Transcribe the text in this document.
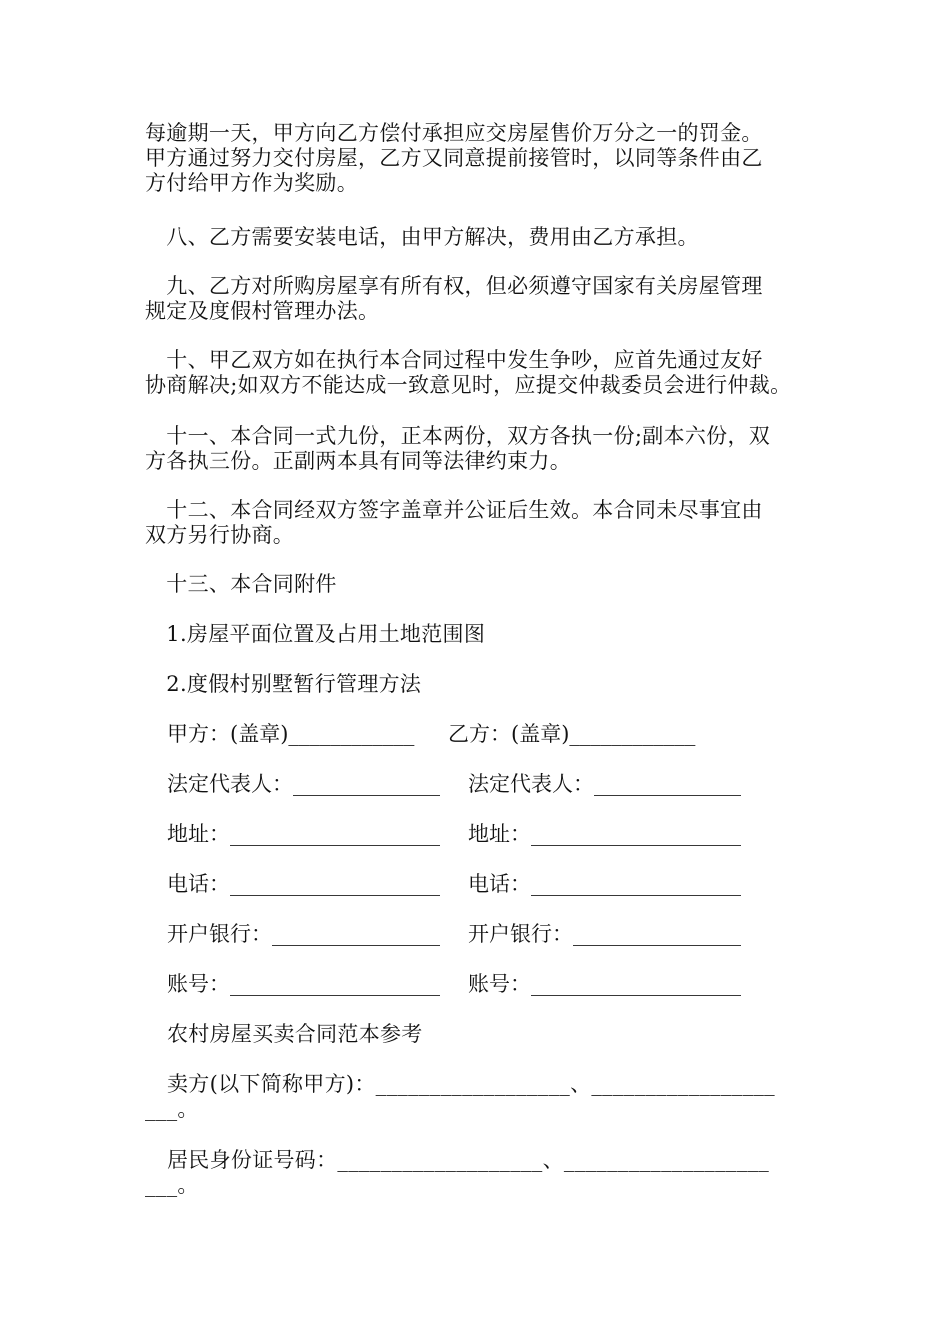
每逾期一天，甲方向乙方偿付承担应交房屋售价万分之一的罚金。
甲方通过努力交付房屋，乙方又同意提前接管时，以同等条件由乙
方付给甲方作为奖励。
　八、乙方需要安装电话，由甲方解决，费用由乙方承担。
　九、乙方对所购房屋享有所有权，但必须遵守国家有关房屋管理
规定及度假村管理办法。
　十、甲乙双方如在执行本合同过程中发生争吵，应首先通过友好
协商解决;如双方不能达成一致意见时，应提交仲裁委员会进行仲裁。
　十一、本合同一式九份，正本两份，双方各执一份;副本六份，双
方各执三份。正副两本具有同等法律约束力。
　十二、本合同经双方签字盖章并公证后生效。本合同未尽事宜由
双方另行协商。
　十三、本合同附件
　1.房屋平面位置及占用土地范围图
　2.度假村别墅暂行管理方法

甲方：(盖章)____________

乙方：(盖章)____________

法定代表人：______________

法定代表人：______________

地址：____________________

地址：____________________

电话：____________________

电话：____________________

开户银行：________________

开户银行：________________

账号：____________________

账号：____________________

农村房屋买卖合同范本参考
卖方(以下简称甲方)：__________________、_________________
___。
居民身份证号码：___________________、___________________
___。
